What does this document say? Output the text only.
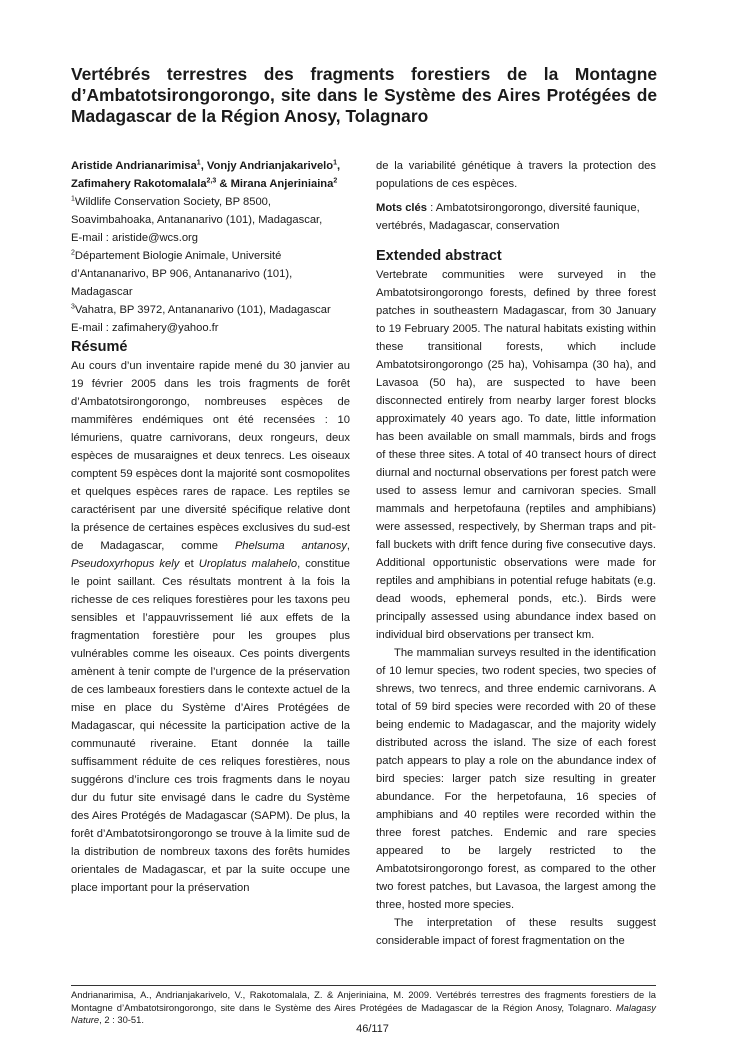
Vertébrés terrestres des fragments forestiers de la Montagne d’Ambatotsirongorongo, site dans le Système des Aires Protégées de Madagascar de la Région Anosy, Tolagnaro

Aristide Andrianarimisa$^1$, Vonjy Andrianjakarivelo$^1$, Zafimahery Rakotomalala$^{2,3}$ & Mirana Anjeriniaina$^2$

$^1$Wildlife Conservation Society, BP 8500, Soavimbahoaka, Antananarivo (101), Madagascar,

E-mail : aristide@wcs.org

$^2$Département Biologie Animale, Université d’Antananarivo, BP 906, Antananarivo (101), Madagascar

$^3$Vahatra, BP 3972, Antananarivo (101), Madagascar

E-mail : zafimahery@yahoo.fr

Résumé

Au cours d’un inventaire rapide mené du 30 janvier au 19 février 2005 dans les trois fragments de forêt d’Ambatotsirongorongo, nombreuses espèces de mammifères endémiques ont été recensées : 10 lémuriens, quatre carnivorans, deux rongeurs, deux espèces de musaraignes et deux tenrecs. Les oiseaux comptent 59 espèces dont la majorité sont cosmopolites et quelques espèces rares de rapace. Les reptiles se caractérisent par une diversité spécifique relative dont la présence de certaines espèces exclusives du sud-est de Madagascar, comme Phelsuma antanosy, Pseudoxyrhopus kely et Uroplatus malahelo, constitue le point saillant. Ces résultats montrent à la fois la richesse de ces reliques forestières pour les taxons peu sensibles et l’appauvrissement lié aux effets de la fragmentation forestière pour les groupes plus vulnérables comme les oiseaux. Ces points divergents amènent à tenir compte de l’urgence de la préservation de ces lambeaux forestiers dans le contexte actuel de la mise en place du Système d’Aires Protégées de Madagascar, qui nécessite la participation active de la communauté riveraine. Etant donnée la taille suffisamment réduite de ces reliques forestières, nous suggérons d’inclure ces trois fragments dans le noyau dur du futur site envisagé dans le cadre du Système des Aires Protégés de Madagascar (SAPM). De plus, la forêt d’Ambatotsirongorongo se trouve à la limite sud de la distribution de nombreux taxons des forêts humides orientales de Madagascar, et par la suite occupe une place important pour la préservation

de la variabilité génétique à travers la protection des populations de ces espèces.

Mots clés : Ambatotsirongorongo, diversité faunique, vertébrés, Madagascar, conservation

Extended abstract

Vertebrate communities were surveyed in the Ambatotsirongorongo forests, defined by three forest patches in southeastern Madagascar, from 30 January to 19 February 2005. The natural habitats existing within these transitional forests, which include Ambatotsirongorongo (25 ha), Vohisampa (30 ha), and Lavasoa (50 ha), are suspected to have been disconnected entirely from nearby larger forest blocks approximately 40 years ago. To date, little information has been available on small mammals, birds and frogs of these three sites. A total of 40 transect hours of direct diurnal and nocturnal observations per forest patch were used to assess lemur and carnivoran species. Small mammals and herpetofauna (reptiles and amphibians) were assessed, respectively, by Sherman traps and pit-fall buckets with drift fence during five consecutive days. Additional opportunistic observations were made for reptiles and amphibians in potential refuge habitats (e.g. dead woods, ephemeral ponds, etc.). Birds were principally assessed using abundance index based on individual bird observations per transect km.

The mammalian surveys resulted in the identification of 10 lemur species, two rodent species, two species of shrews, two tenrecs, and three endemic carnivorans. A total of 59 bird species were recorded with 20 of these being endemic to Madagascar, and the majority widely distributed across the island. The size of each forest patch appears to play a role on the abundance index of bird species: larger patch size resulting in greater abundance. For the herpetofauna, 16 species of amphibians and 40 reptiles were recorded within the three forest patches. Endemic and rare species appeared to be largely restricted to the Ambatotsirongorongo forest, as compared to the other two forest patches, but Lavasoa, the largest among the three, hosted more species.

The interpretation of these results suggest considerable impact of forest fragmentation on the

Andrianarimisa, A., Andrianjakarivelo, V., Rakotomalala, Z. & Anjeriniaina, M. 2009. Vertébrés terrestres des fragments forestiers de la Montagne d’Ambatotsirongorongo, site dans le Système des Aires Protégées de Madagascar de la Région Anosy, Tolagnaro. Malagasy Nature, 2 : 30-51.

46/117
